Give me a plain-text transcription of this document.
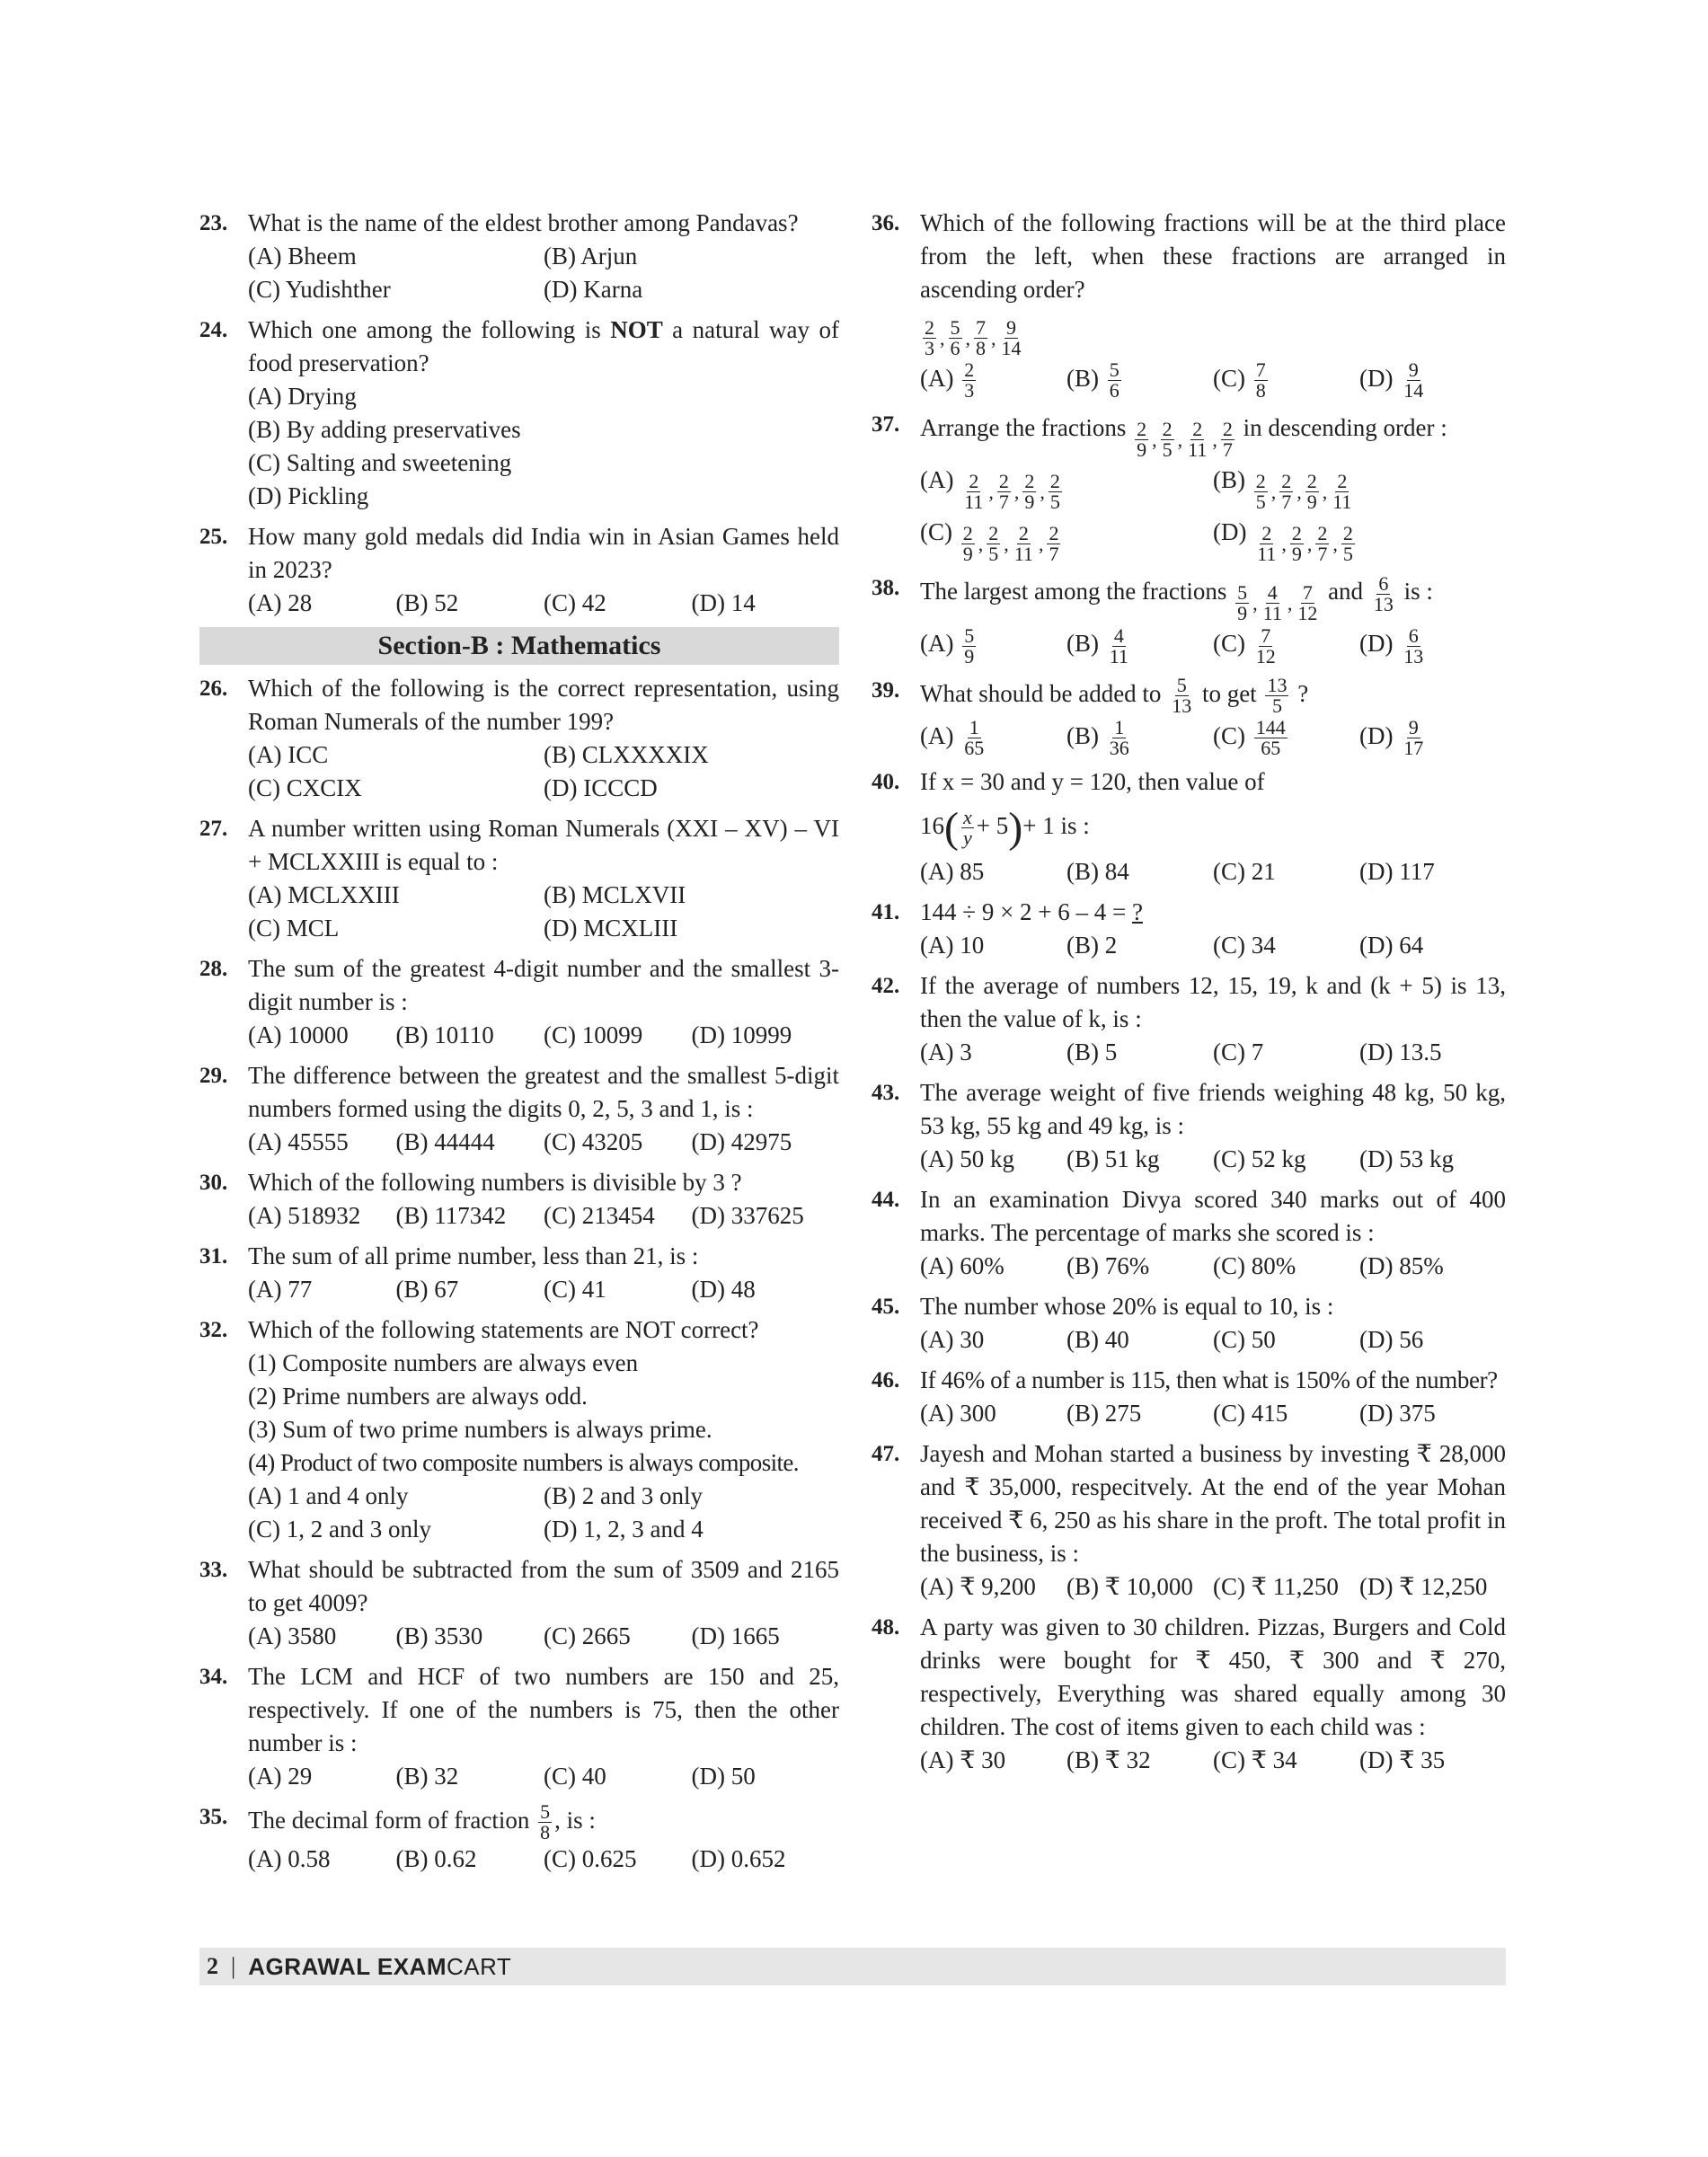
23. What is the name of the eldest brother among Pandavas?
(A) Bheem	(B) Arjun
(C) Yudishther	(D) Karna
24. Which one among the following is NOT a natural way of food preservation?
(A) Drying
(B) By adding preservatives
(C) Salting and sweetening
(D) Pickling
25. How many gold medals did India win in Asian Games held in 2023?
(A) 28	(B) 52	(C) 42	(D) 14
Section-B : Mathematics
26. Which of the following is the correct representation, using Roman Numerals of the number 199?
(A) ICC	(B) CLXXXXIX
(C) CXCIX	(D) ICCCD
27. A number written using Roman Numerals (XXI – XV) – VI + MCLXXIII is equal to :
(A) MCLXXIII	(B) MCLXVII
(C) MCL	(D) MCXLIII
28. The sum of the greatest 4-digit number and the smallest 3-digit number is :
(A) 10000	(B) 10110	(C) 10099	(D) 10999
29. The difference between the greatest and the smallest 5-digit numbers formed using the digits 0, 2, 5, 3 and 1, is :
(A) 45555	(B) 44444	(C) 43205	(D) 42975
30. Which of the following numbers is divisible by 3 ?
(A) 518932	(B) 117342	(C) 213454	(D) 337625
31. The sum of all prime number, less than 21, is :
(A) 77	(B) 67	(C) 41	(D) 48
32. Which of the following statements are NOT correct?
(1) Composite numbers are always even
(2) Prime numbers are always odd.
(3) Sum of two prime numbers is always prime.
(4) Product of two composite numbers is always composite.
(A) 1 and 4 only	(B) 2 and 3 only
(C) 1, 2 and 3 only	(D) 1, 2, 3 and 4
33. What should be subtracted from the sum of 3509 and 2165 to get 4009?
(A) 3580	(B) 3530	(C) 2665	(D) 1665
34. The LCM and HCF of two numbers are 150 and 25, respectively. If one of the numbers is 75, then the other number is :
(A) 29	(B) 32	(C) 40	(D) 50
35. The decimal form of fraction $\frac{5}{8}$ , is :
(A) 0.58	(B) 0.62	(C) 0.625	(D) 0.652
36. Which of the following fractions will be at the third place from the left, when these fractions are arranged in ascending order?
$\frac{2}{3}$ , $\frac{5}{6}$ , $\frac{7}{8}$ , $\frac{9}{14}$
$(A) \frac{2}{3}$	$(B) \frac{5}{6}$	$(C) \frac{7}{8}$	$(D) \frac{9}{14}$
37. Arrange the fractions $\frac{2}{9}$ , $\frac{2}{5}$ , $\frac{2}{11}$ , $\frac{2}{7}$ in descending order :
$(A) \frac{2}{11}$ , $\frac{2}{7}$ , $\frac{2}{9}$ , $\frac{2}{5}$	$(B) \frac{2}{5}$ , $\frac{2}{7}$ , $\frac{2}{9}$ , $\frac{2}{11}$
$(C) \frac{2}{9}$ , $\frac{2}{5}$ , $\frac{2}{11}$ , $\frac{2}{7}$	$(D) \frac{2}{11}$ , $\frac{2}{9}$ , $\frac{2}{7}$ , $\frac{2}{5}$
38. The largest among the fractions $\frac{5}{9}$ , $\frac{4}{11}$ , $\frac{7}{12}$ and $\frac{6}{13}$ is :
$(A) \frac{5}{9}$	$(B) \frac{4}{11}$	$(C) \frac{7}{12}$	$(D) \frac{6}{13}$
39. What should be added to $\frac{5}{13}$ to get $\frac{13}{5}$ ?
$(A) \frac{1}{65}$	$(B) \frac{1}{36}$	$(C) \frac{144}{65}$	$(D) \frac{9}{17}$
40. If x = 30 and y = 120, then value of
$16( \frac{x}{y} + 5)+ 1$ is :
(A) 85	(B) 84	(C) 21	(D) 117
41. 144 ÷ 9 × 2 + 6 – 4 = ?
(A) 10	(B) 2	(C) 34	(D) 64
42. If the average of numbers 12, 15, 19, k and (k + 5) is 13, then the value of k, is :
(A) 3	(B) 5	(C) 7	(D) 13.5
43. The average weight of five friends weighing 48 kg, 50 kg, 53 kg, 55 kg and 49 kg, is :
(A) 50 kg	(B) 51 kg	(C) 52 kg	(D) 53 kg
44. In an examination Divya scored 340 marks out of 400 marks. The percentage of marks she scored is :
(A) 60%	(B) 76%	(C) 80%	(D) 85%
45. The number whose 20% is equal to 10, is :
(A) 30	(B) 40	(C) 50	(D) 56
46. If 46% of a number is 115, then what is 150% of the number?
(A) 300	(B) 275	(C) 415	(D) 375
47. Jayesh and Mohan started a business by investing ₹ 28,000 and ₹ 35,000, respecitvely. At the end of the year Mohan received ₹ 6, 250 as his share in the proft. The total profit in the business, is :
(A) ₹ 9,200	(B) ₹ 10,000 (C) ₹ 11,250 (D) ₹ 12,250
48. A party was given to 30 children. Pizzas, Burgers and Cold drinks were bought for ₹ 450, ₹ 300 and ₹ 270, respectively, Everything was shared equally among 30 children. The cost of items given to each child was :
(A) ₹ 30	(B) ₹ 32	(C) ₹ 34	(D) ₹ 35
2 | AGRAWAL EXAMCART
